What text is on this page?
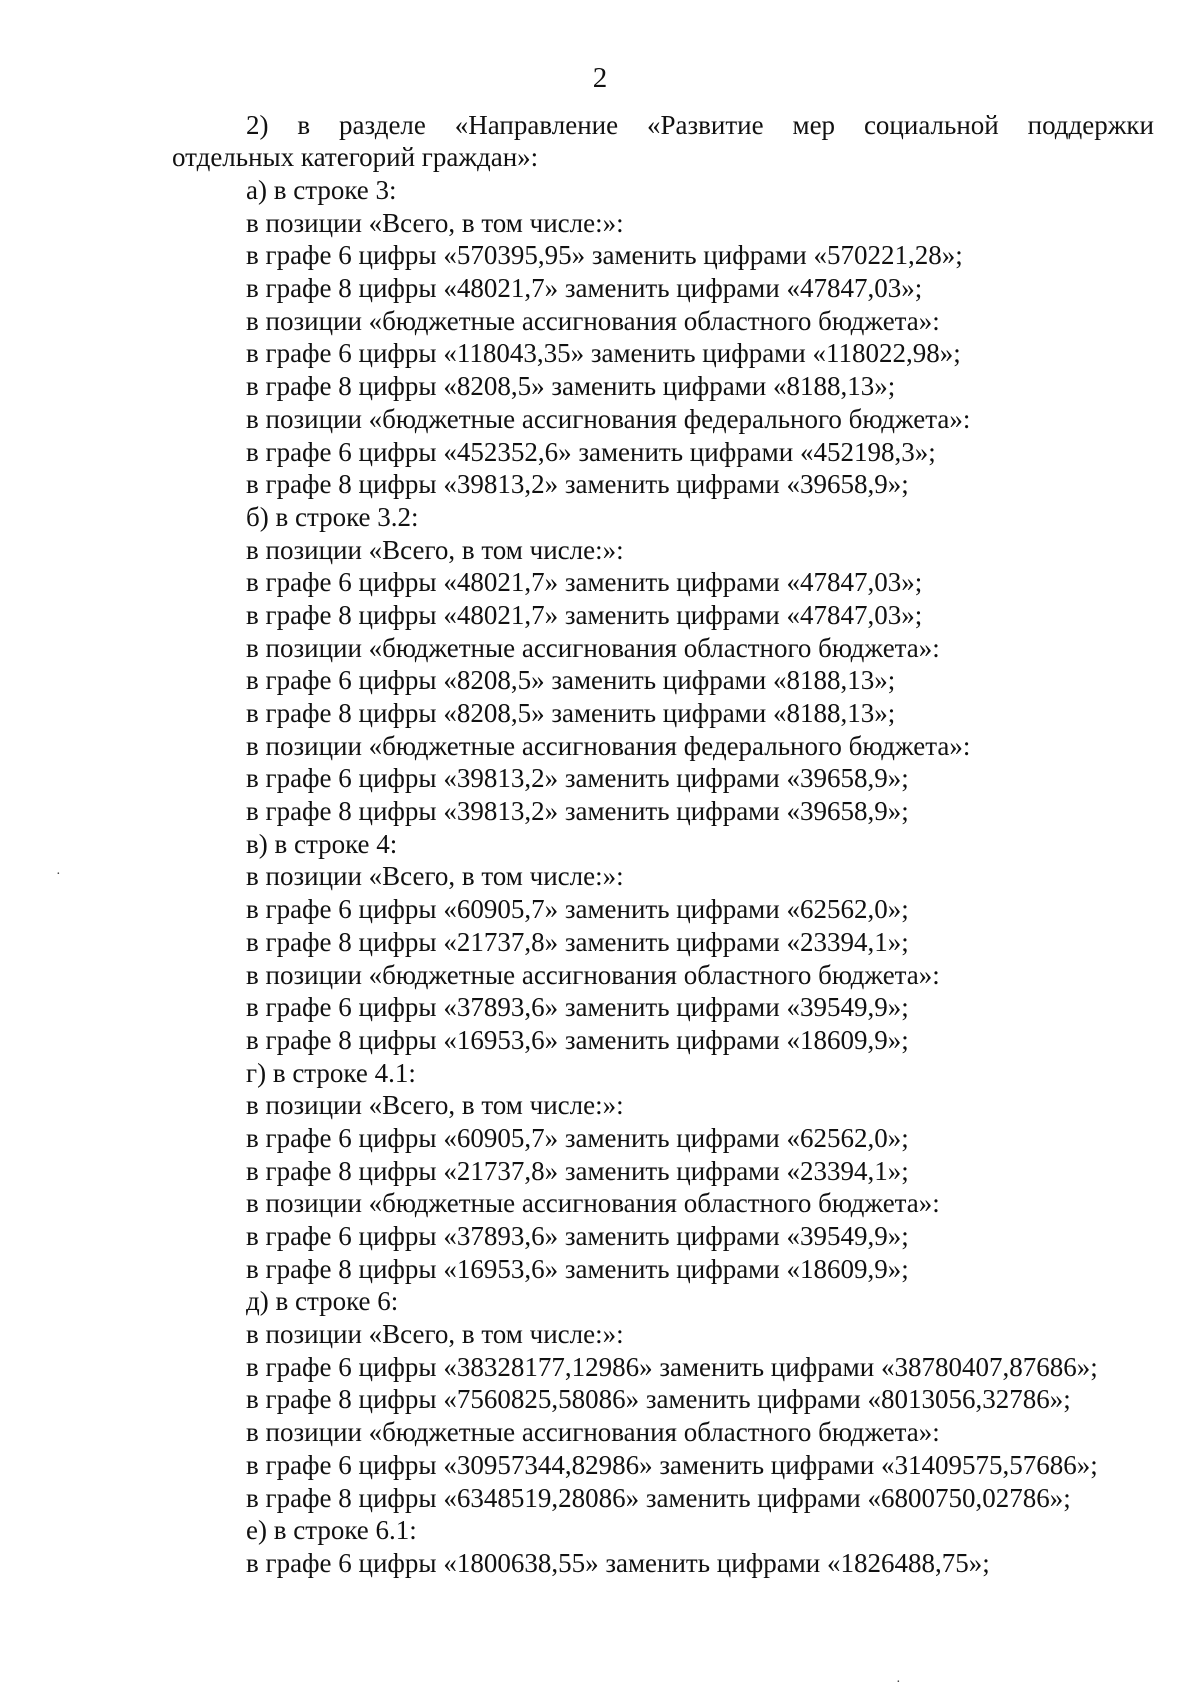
2
2) в разделе «Направление «Развитие мер социальной поддержки
отдельных категорий граждан»:
а) в строке 3:
в позиции «Всего, в том числе:»:
в графе 6 цифры «570395,95» заменить цифрами «570221,28»;
в графе 8 цифры «48021,7» заменить цифрами «47847,03»;
в позиции «бюджетные ассигнования областного бюджета»:
в графе 6 цифры «118043,35» заменить цифрами «118022,98»;
в графе 8 цифры «8208,5» заменить цифрами «8188,13»;
в позиции «бюджетные ассигнования федерального бюджета»:
в графе 6 цифры «452352,6» заменить цифрами «452198,3»;
в графе 8 цифры «39813,2» заменить цифрами «39658,9»;
б) в строке 3.2:
в позиции «Всего, в том числе:»:
в графе 6 цифры «48021,7» заменить цифрами «47847,03»;
в графе 8 цифры «48021,7» заменить цифрами «47847,03»;
в позиции «бюджетные ассигнования областного бюджета»:
в графе 6 цифры «8208,5» заменить цифрами «8188,13»;
в графе 8 цифры «8208,5» заменить цифрами «8188,13»;
в позиции «бюджетные ассигнования федерального бюджета»:
в графе 6 цифры «39813,2» заменить цифрами «39658,9»;
в графе 8 цифры «39813,2» заменить цифрами «39658,9»;
в) в строке 4:
в позиции «Всего, в том числе:»:
в графе 6 цифры «60905,7» заменить цифрами «62562,0»;
в графе 8 цифры «21737,8» заменить цифрами «23394,1»;
в позиции «бюджетные ассигнования областного бюджета»:
в графе 6 цифры «37893,6» заменить цифрами «39549,9»;
в графе 8 цифры «16953,6» заменить цифрами «18609,9»;
г) в строке 4.1:
в позиции «Всего, в том числе:»:
в графе 6 цифры «60905,7» заменить цифрами «62562,0»;
в графе 8 цифры «21737,8» заменить цифрами «23394,1»;
в позиции «бюджетные ассигнования областного бюджета»:
в графе 6 цифры «37893,6» заменить цифрами «39549,9»;
в графе 8 цифры «16953,6» заменить цифрами «18609,9»;
д) в строке 6:
в позиции «Всего, в том числе:»:
в графе 6 цифры «38328177,12986» заменить цифрами «38780407,87686»;
в графе 8 цифры «7560825,58086» заменить цифрами «8013056,32786»;
в позиции «бюджетные ассигнования областного бюджета»:
в графе 6 цифры «30957344,82986» заменить цифрами «31409575,57686»;
в графе 8 цифры «6348519,28086» заменить цифрами «6800750,02786»;
е) в строке 6.1:
в графе 6 цифры «1800638,55» заменить цифрами «1826488,75»;
·
·
